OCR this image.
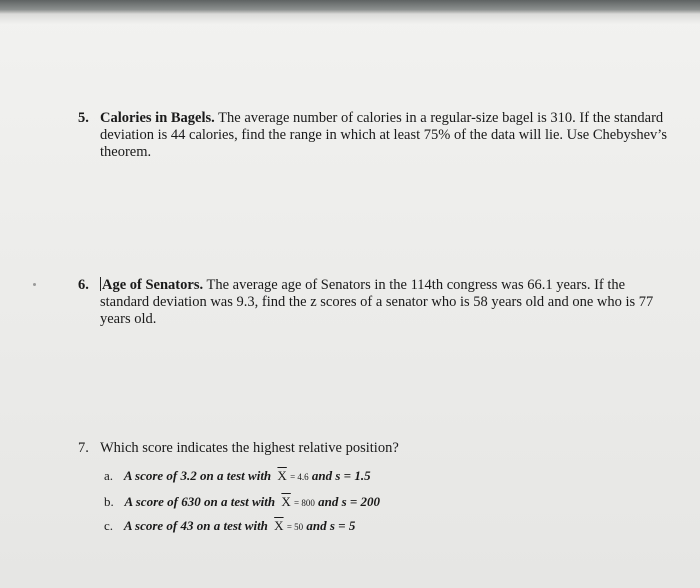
5. Calories in Bagels. The average number of calories in a regular-size bagel is 310. If the standard deviation is 44 calories, find the range in which at least 75% of the data will lie. Use Chebyshev’s theorem.
6. Age of Senators. The average age of Senators in the 114th congress was 66.1 years. If the standard deviation was 9.3, find the z scores of a senator who is 58 years old and one who is 77 years old.
7. Which score indicates the highest relative position?
a. A score of 3.2 on a test with $\overline{X} = 4.6$ and s = 1.5
b. A score of 630 on a test with $\overline{X} = 800$ and s = 200
c. A score of 43 on a test with $\overline{X} = 50$ and s = 5
